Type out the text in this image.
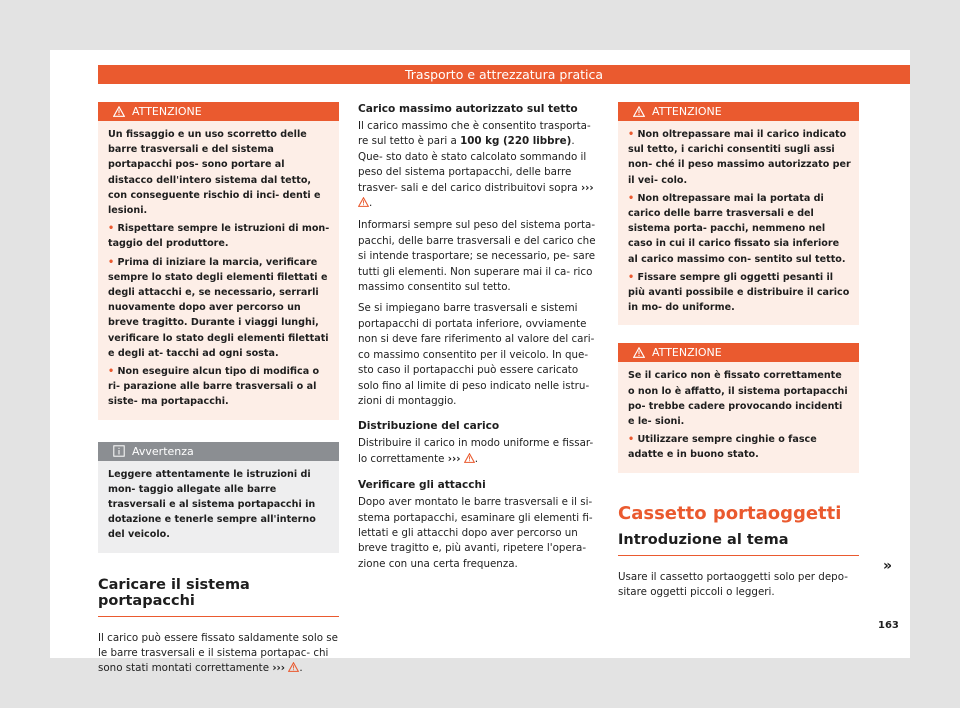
Trasporto e attrezzatura pratica
ATTENZIONE

Un fissaggio e un uso scorretto delle barre trasversali e del sistema portapacchi pos- sono portare al distacco dell'intero sistema dal tetto, con conseguente rischio di inci- denti e lesioni.

• Rispettare sempre le istruzioni di mon- taggio del produttore.

• Prima di iniziare la marcia, verificare sempre lo stato degli elementi filettati e degli attacchi e, se necessario, serrarli nuovamente dopo aver percorso un breve tragitto. Durante i viaggi lunghi, verificare lo stato degli elementi filettati e degli at- tacchi ad ogni sosta.

• Non eseguire alcun tipo di modifica o ri- parazione alle barre trasversali o al siste- ma portapacchi.

Avvertenza

Leggere attentamente le istruzioni di mon- taggio allegate alle barre trasversali e al sistema portapacchi in dotazione e tenerle sempre all'interno del veicolo.

Caricare il sistema portapacchi

Il carico può essere fissato saldamente solo se le barre trasversali e il sistema portapac- chi sono stati montati correttamente ››› .

Carico massimo autorizzato sul tetto

Il carico massimo che è consentito trasporta- re sul tetto è pari a 100 kg (220 libbre). Que- sto dato è stato calcolato sommando il peso del sistema portapacchi, delle barre trasver- sali e del carico distribuitovi sopra ››› .

Informarsi sempre sul peso del sistema porta- pacchi, delle barre trasversali e del carico che si intende trasportare; se necessario, pe- sare tutti gli elementi. Non superare mai il ca- rico massimo consentito sul tetto.

Se si impiegano barre trasversali e sistemi portapacchi di portata inferiore, ovviamente non si deve fare riferimento al valore del cari- co massimo consentito per il veicolo. In que- sto caso il portapacchi può essere caricato solo fino al limite di peso indicato nelle istru- zioni di montaggio.

Distribuzione del carico

Distribuire il carico in modo uniforme e fissar- lo correttamente ››› .

Verificare gli attacchi

Dopo aver montato le barre trasversali e il si- stema portapacchi, esaminare gli elementi fi- lettati e gli attacchi dopo aver percorso un breve tragitto e, più avanti, ripetere l'opera- zione con una certa frequenza.

ATTENZIONE

• Non oltrepassare mai il carico indicato sul tetto, i carichi consentiti sugli assi non- ché il peso massimo autorizzato per il vei- colo.

• Non oltrepassare mai la portata di carico delle barre trasversali e del sistema porta- pacchi, nemmeno nel caso in cui il carico fissato sia inferiore al carico massimo con- sentito sul tetto.

• Fissare sempre gli oggetti pesanti il più avanti possibile e distribuire il carico in mo- do uniforme.

ATTENZIONE

Se il carico non è fissato correttamente o non lo è affatto, il sistema portapacchi po- trebbe cadere provocando incidenti e le- sioni.

• Utilizzare sempre cinghie o fasce adatte e in buono stato.

Cassetto portaoggetti
Introduzione al tema

Usare il cassetto portaoggetti solo per depo- sitare oggetti piccoli o leggeri.

»
163
